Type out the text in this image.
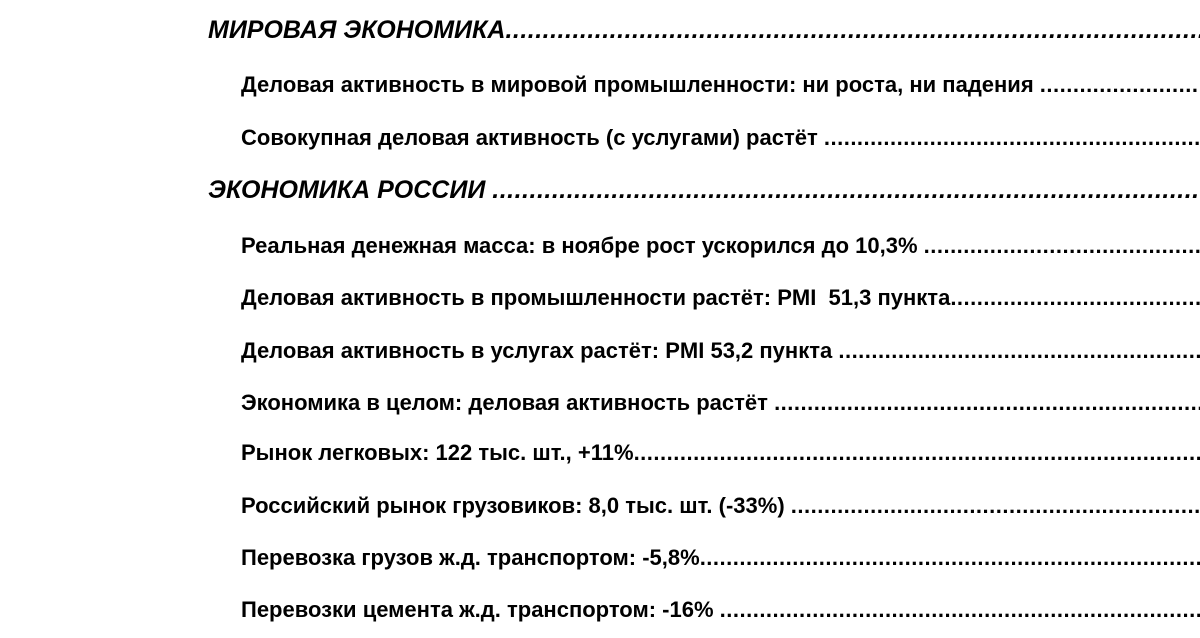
МИРОВАЯ ЭКОНОМИКА
.....
Деловая активность в мировой промышленности: ни роста, ни падения
.....
Совокупная деловая активность (с услугами) растёт
.....
ЭКОНОМИКА РОССИИ
.....
Реальная денежная масса: в ноябре рост ускорился до 10,3%
.....
Деловая активность в промышленности растёт: PMI  51,3 пункта
.....
Деловая активность в услугах растёт: PMI 53,2 пункта
.....
Экономика в целом: деловая активность растёт
.....
Рынок легковых: 122 тыс. шт., +11%
.....
Российский рынок грузовиков: 8,0 тыс. шт. (-33%)
.....
Перевозка грузов ж.д. транспортом: -5,8%
.....
Перевозки цемента ж.д. транспортом: -16%
.....
